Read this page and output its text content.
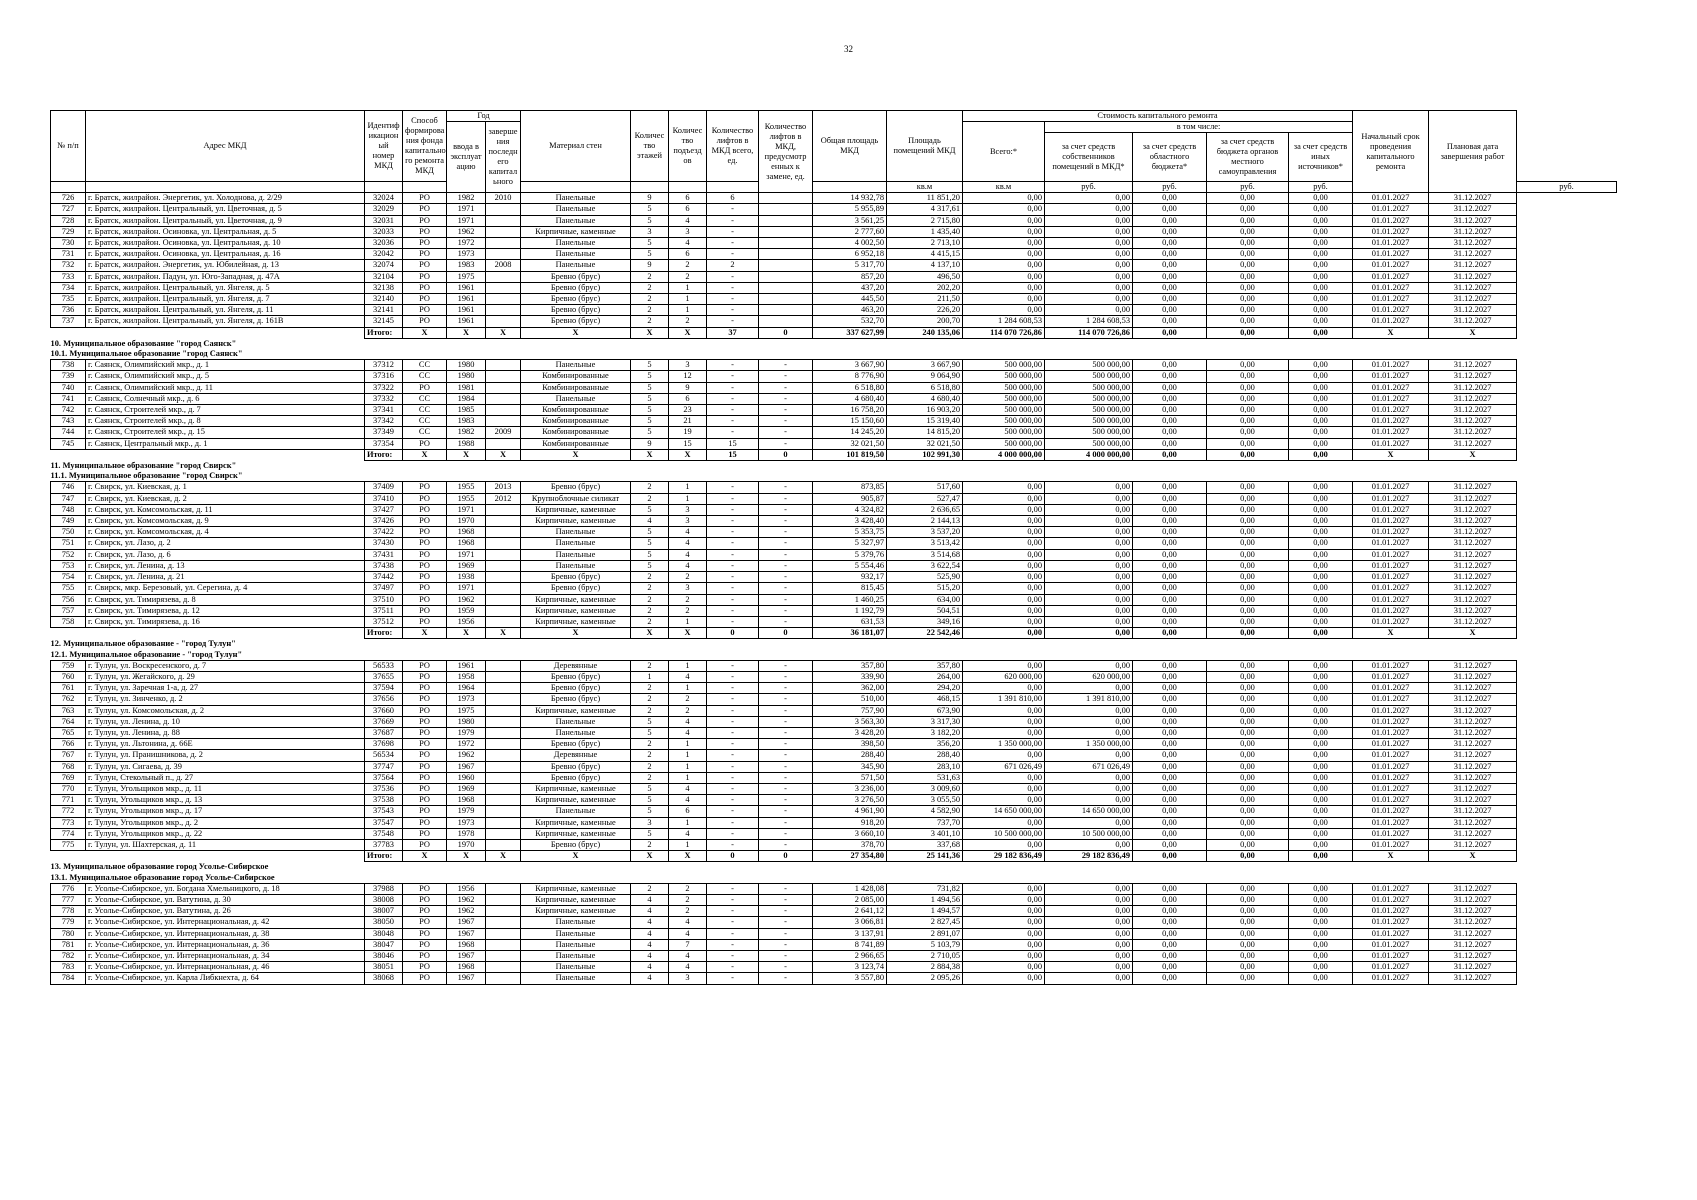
32
№ п/п	Адрес МКД	Идентиф икацион ый номер МКД	Способ формирова ния фонда капитально го ремонта МКД	Год		Материал стен	Количес тво этажей	Количес тво подъезд ов	Количество лифтов в МКД всего, ед.	Количество лифтов в МКД, предусмотр енных к замене, ед.	Общая площадь МКД	Площадь помещений МКД	Стоимость капитального ремонта					Начальный срок проведения капитального ремонта	Плановая дата завершения работ	
				ввода в эксплуат ацию	заверше ния последн его капитал ьного								Всего:*	в том числе:						
														за счет средств собственников помещений в МКД*	за счет средств областного бюджета*	за счет средств бюджета органов местного самоуправления	за счет средств иных источников*			
												кв.м	кв.м	руб.	руб.	руб.	руб.			руб.
726	г. Братск, жилрайон. Энергетик, ул. Холоднова, д. 2/29	32024	РО	1982	2010	Панельные	9	6	6		14 932,78	11 851,20	0,00	0,00	0,00	0,00	0,00	01.01.2027	31.12.2027	
727	г. Братск, жилрайон. Центральный, ул. Цветочная, д. 5	32029	РО	1971		Панельные	5	6	-		5 955,89	4 317,61	0,00	0,00	0,00	0,00	0,00	01.01.2027	31.12.2027	
728	г. Братск, жилрайон. Центральный, ул. Цветочная, д. 9	32031	РО	1971		Панельные	5	4	-		3 561,25	2 715,80	0,00	0,00	0,00	0,00	0,00	01.01.2027	31.12.2027	
729	г. Братск, жилрайон. Осиновка, ул. Центральная, д. 5	32033	РО	1962		Кирпичные, каменные	3	3	-		2 777,60	1 435,40	0,00	0,00	0,00	0,00	0,00	01.01.2027	31.12.2027	
730	г. Братск, жилрайон. Осиновка, ул. Центральная, д. 10	32036	РО	1972		Панельные	5	4	-		4 002,50	2 713,10	0,00	0,00	0,00	0,00	0,00	01.01.2027	31.12.2027	
731	г. Братск, жилрайон. Осиновка, ул. Центральная, д. 16	32042	РО	1973		Панельные	5	6	-		6 952,18	4 415,15	0,00	0,00	0,00	0,00	0,00	01.01.2027	31.12.2027	
732	г. Братск, жилрайон. Энергетик, ул. Юбилейная, д. 13	32074	РО	1983	2008	Панельные	9	2	2		5 317,70	4 137,10	0,00	0,00	0,00	0,00	0,00	01.01.2027	31.12.2027	
733	г. Братск, жилрайон. Падун, ул. Юго-Западная, д. 47А	32104	РО	1975		Бревно (брус)	2	2	-		857,20	496,50	0,00	0,00	0,00	0,00	0,00	01.01.2027	31.12.2027	
734	г. Братск, жилрайон. Центральный, ул. Янгеля, д. 5	32138	РО	1961		Бревно (брус)	2	1	-		437,20	202,20	0,00	0,00	0,00	0,00	0,00	01.01.2027	31.12.2027	
735	г. Братск, жилрайон. Центральный, ул. Янгеля, д. 7	32140	РО	1961		Бревно (брус)	2	1	-		445,50	211,50	0,00	0,00	0,00	0,00	0,00	01.01.2027	31.12.2027	
736	г. Братск, жилрайон. Центральный, ул. Янгеля, д. 11	32141	РО	1961		Бревно (брус)	2	1	-		463,20	226,20	0,00	0,00	0,00	0,00	0,00	01.01.2027	31.12.2027	
737	г. Братск, жилрайон. Центральный, ул. Янгеля, д. 161В	32145	РО	1961		Бревно (брус)	2	2	-		532,70	200,70	1 284 608,53	1 284 608,53	0,00	0,00	0,00	01.01.2027	31.12.2027	
		Итого:	X	X	X	X	X	X	37	0	337 627,99	240 135,06	114 070 726,86	114 070 726,86	0,00	0,00	0,00	X	X	
10. Муниципальное образование "город Саянск"																				
10.1. Муниципальное образование "город Саянск"																				
738	г. Саянск, Олимпийский мкр., д. 1	37312	СС	1980		Панельные	5	3	-	-	3 667,90	3 667,90	500 000,00	500 000,00	0,00	0,00	0,00	01.01.2027	31.12.2027	
739	г. Саянск, Олимпийский мкр., д. 5	37316	СС	1980		Комбинированные	5	12	-	-	8 776,90	9 064,90	500 000,00	500 000,00	0,00	0,00	0,00	01.01.2027	31.12.2027	
740	г. Саянск, Олимпийский мкр., д. 11	37322	РО	1981		Комбинированные	5	9	-	-	6 518,80	6 518,80	500 000,00	500 000,00	0,00	0,00	0,00	01.01.2027	31.12.2027	
741	г. Саянск, Солнечный мкр., д. 6	37332	СС	1984		Панельные	5	6	-	-	4 680,40	4 680,40	500 000,00	500 000,00	0,00	0,00	0,00	01.01.2027	31.12.2027	
742	г. Саянск, Строителей мкр., д. 7	37341	СС	1985		Комбинированные	5	23	-	-	16 758,20	16 903,20	500 000,00	500 000,00	0,00	0,00	0,00	01.01.2027	31.12.2027	
743	г. Саянск, Строителей мкр., д. 8	37342	СС	1983		Комбинированные	5	21	-	-	15 150,60	15 319,40	500 000,00	500 000,00	0,00	0,00	0,00	01.01.2027	31.12.2027	
744	г. Саянск, Строителей мкр., д. 15	37349	СС	1982	2009	Комбинированные	5	19	-	-	14 245,20	14 815,20	500 000,00	500 000,00	0,00	0,00	0,00	01.01.2027	31.12.2027	
745	г. Саянск, Центральный мкр., д. 1	37354	РО	1988		Комбинированные	9	15	15	-	32 021,50	32 021,50	500 000,00	500 000,00	0,00	0,00	0,00	01.01.2027	31.12.2027	
		Итого:	X	X	X	X	X	X	15	0	101 819,50	102 991,30	4 000 000,00	4 000 000,00	0,00	0,00	0,00	X	X	
11. Муниципальное образование "город Свирск"																				
11.1. Муниципальное образование "город Свирск"																				
746	г. Свирск, ул. Киевская, д. 1	37409	РО	1955	2013	Бревно (брус)	2	1	-	-	873,85	517,60	0,00	0,00	0,00	0,00	0,00	01.01.2027	31.12.2027	
747	г. Свирск, ул. Киевская, д. 2	37410	РО	1955	2012	Крупноблочные силикат	2	1	-	-	905,87	527,47	0,00	0,00	0,00	0,00	0,00	01.01.2027	31.12.2027	
748	г. Свирск, ул. Комсомольская, д. 11	37427	РО	1971		Кирпичные, каменные	5	3	-	-	4 324,82	2 636,65	0,00	0,00	0,00	0,00	0,00	01.01.2027	31.12.2027	
749	г. Свирск, ул. Комсомольская, д. 9	37426	РО	1970		Кирпичные, каменные	4	3	-	-	3 428,40	2 144,13	0,00	0,00	0,00	0,00	0,00	01.01.2027	31.12.2027	
750	г. Свирск, ул. Комсомольская, д. 4	37422	РО	1968		Панельные	5	4	-	-	5 353,75	3 537,20	0,00	0,00	0,00	0,00	0,00	01.01.2027	31.12.2027	
751	г. Свирск, ул. Лазо, д. 2	37430	РО	1968		Панельные	5	4	-	-	5 327,97	3 513,42	0,00	0,00	0,00	0,00	0,00	01.01.2027	31.12.2027	
752	г. Свирск, ул. Лазо, д. 6	37431	РО	1971		Панельные	5	4	-	-	5 379,76	3 514,68	0,00	0,00	0,00	0,00	0,00	01.01.2027	31.12.2027	
753	г. Свирск, ул. Ленина, д. 13	37438	РО	1969		Панельные	5	4	-	-	5 554,46	3 622,54	0,00	0,00	0,00	0,00	0,00	01.01.2027	31.12.2027	
754	г. Свирск, ул. Ленина, д. 21	37442	РО	1938		Бревно (брус)	2	2	-	-	932,17	525,90	0,00	0,00	0,00	0,00	0,00	01.01.2027	31.12.2027	
755	г. Свирск, мкр. Березовый, ул. Серегина, д. 4	37497	РО	1971		Бревно (брус)	2	3	-	-	815,45	515,20	0,00	0,00	0,00	0,00	0,00	01.01.2027	31.12.2027	
756	г. Свирск, ул. Тимирязева, д. 8	37510	РО	1962		Кирпичные, каменные	2	2	-	-	1 460,25	634,00	0,00	0,00	0,00	0,00	0,00	01.01.2027	31.12.2027	
757	г. Свирск, ул. Тимирязева, д. 12	37511	РО	1959		Кирпичные, каменные	2	2	-	-	1 192,79	504,51	0,00	0,00	0,00	0,00	0,00	01.01.2027	31.12.2027	
758	г. Свирск, ул. Тимирязева, д. 16	37512	РО	1956		Кирпичные, каменные	2	1	-	-	631,53	349,16	0,00	0,00	0,00	0,00	0,00	01.01.2027	31.12.2027	
		Итого:	X	X	X	X	X	X	0	0	36 181,07	22 542,46	0,00	0,00	0,00	0,00	0,00	X	X	
12. Муниципальное образование - "город Тулун"																				
12.1. Муниципальное образование - "город Тулун"																				
759	г. Тулун, ул. Воскресенского, д. 7	56533	РО	1961		Деревянные	2	1	-	-	357,80	357,80	0,00	0,00	0,00	0,00	0,00	01.01.2027	31.12.2027	
760	г. Тулун, ул. Жегайского, д. 29	37655	РО	1958		Бревно (брус)	1	4	-	-	339,90	264,00	620 000,00	620 000,00	0,00	0,00	0,00	01.01.2027	31.12.2027	
761	г. Тулун, ул. Заречная 1-а, д. 27	37594	РО	1964		Бревно (брус)	2	1	-	-	362,00	294,20	0,00	0,00	0,00	0,00	0,00	01.01.2027	31.12.2027	
762	г. Тулун, ул. Зинченко, д. 2	37656	РО	1973		Бревно (брус)	2	2	-	-	510,00	468,15	1 391 810,00	1 391 810,00	0,00	0,00	0,00	01.01.2027	31.12.2027	
763	г. Тулун, ул. Комсомольская, д. 2	37660	РО	1975		Кирпичные, каменные	2	2	-	-	757,90	673,90	0,00	0,00	0,00	0,00	0,00	01.01.2027	31.12.2027	
764	г. Тулун, ул. Ленина, д. 10	37669	РО	1980		Панельные	5	4	-	-	3 563,30	3 317,30	0,00	0,00	0,00	0,00	0,00	01.01.2027	31.12.2027	
765	г. Тулун, ул. Ленина, д. 88	37687	РО	1979		Панельные	5	4	-	-	3 428,20	3 182,20	0,00	0,00	0,00	0,00	0,00	01.01.2027	31.12.2027	
766	г. Тулун, ул. Льтонина, д. 66Е	37698	РО	1972		Бревно (брус)	2	1	-	-	398,50	356,20	1 350 000,00	1 350 000,00	0,00	0,00	0,00	01.01.2027	31.12.2027	
767	г. Тулун, ул. Пранишникова, д. 2	56534	РО	1962		Деревянные	2	1	-	-	288,40	288,40	0,00	0,00	0,00	0,00	0,00	01.01.2027	31.12.2027	
768	г. Тулун, ул. Сигаева, д. 39	37747	РО	1967		Бревно (брус)	2	1	-	-	345,90	283,10	671 026,49	671 026,49	0,00	0,00	0,00	01.01.2027	31.12.2027	
769	г. Тулун, Стекольный п., д. 27	37564	РО	1960		Бревно (брус)	2	1	-	-	571,50	531,63	0,00	0,00	0,00	0,00	0,00	01.01.2027	31.12.2027	
770	г. Тулун, Угольщиков мкр., д. 11	37536	РО	1969		Кирпичные, каменные	5	4	-	-	3 236,00	3 009,60	0,00	0,00	0,00	0,00	0,00	01.01.2027	31.12.2027	
771	г. Тулун, Угольщиков мкр., д. 13	37538	РО	1968		Кирпичные, каменные	5	4	-	-	3 276,50	3 055,50	0,00	0,00	0,00	0,00	0,00	01.01.2027	31.12.2027	
772	г. Тулун, Угольщиков мкр., д. 17	37543	РО	1979		Панельные	5	6	-	-	4 961,90	4 582,90	14 650 000,00	14 650 000,00	0,00	0,00	0,00	01.01.2027	31.12.2027	
773	г. Тулун, Угольщиков мкр., д. 2	37547	РО	1973		Кирпичные, каменные	3	1	-	-	918,20	737,70	0,00	0,00	0,00	0,00	0,00	01.01.2027	31.12.2027	
774	г. Тулун, Угольщиков мкр., д. 22	37548	РО	1978		Кирпичные, каменные	5	4	-	-	3 660,10	3 401,10	10 500 000,00	10 500 000,00	0,00	0,00	0,00	01.01.2027	31.12.2027	
775	г. Тулун, ул. Шахтерская, д. 11	37783	РО	1970		Бревно (брус)	2	1	-	-	378,70	337,68	0,00	0,00	0,00	0,00	0,00	01.01.2027	31.12.2027	
		Итого:	X	X	X	X	X	X	0	0	27 354,80	25 141,36	29 182 836,49	29 182 836,49	0,00	0,00	0,00	X	X	
13. Муниципальное образование город Усолье-Сибирское																				
13.1. Муниципальное образование город Усолье-Сибирское																				
776	г. Усолье-Сибирское, ул. Богдана Хмельницкого, д. 18	37988	РО	1956		Кирпичные, каменные	2	2	-	-	1 428,08	731,82	0,00	0,00	0,00	0,00	0,00	01.01.2027	31.12.2027	
777	г. Усолье-Сибирское, ул. Ватутина, д. 30	38008	РО	1962		Кирпичные, каменные	4	2	-	-	2 085,00	1 494,56	0,00	0,00	0,00	0,00	0,00	01.01.2027	31.12.2027	
778	г. Усолье-Сибирское, ул. Ватутина, д. 26	38007	РО	1962		Кирпичные, каменные	4	2	-	-	2 641,12	1 494,57	0,00	0,00	0,00	0,00	0,00	01.01.2027	31.12.2027	
779	г. Усолье-Сибирское, ул. Интернациональная, д. 42	38050	РО	1967		Панельные	4	4	-	-	3 066,81	2 827,45	0,00	0,00	0,00	0,00	0,00	01.01.2027	31.12.2027	
780	г. Усолье-Сибирское, ул. Интернациональная, д. 38	38048	РО	1967		Панельные	4	4	-	-	3 137,91	2 891,07	0,00	0,00	0,00	0,00	0,00	01.01.2027	31.12.2027	
781	г. Усолье-Сибирское, ул. Интернациональная, д. 36	38047	РО	1968		Панельные	4	7	-	-	8 741,89	5 103,79	0,00	0,00	0,00	0,00	0,00	01.01.2027	31.12.2027	
782	г. Усолье-Сибирское, ул. Интернациональная, д. 34	38046	РО	1967		Панельные	4	4	-	-	2 966,65	2 710,05	0,00	0,00	0,00	0,00	0,00	01.01.2027	31.12.2027	
783	г. Усолье-Сибирское, ул. Интернациональная, д. 46	38051	РО	1968		Панельные	4	4	-	-	3 123,74	2 884,38	0,00	0,00	0,00	0,00	0,00	01.01.2027	31.12.2027	
784	г. Усолье-Сибирское, ул. Карла Либкнехта, д. 64	38068	РО	1967		Панельные	4	3	-	-	3 557,80	2 095,26	0,00	0,00	0,00	0,00	0,00	01.01.2027	31.12.2027	
